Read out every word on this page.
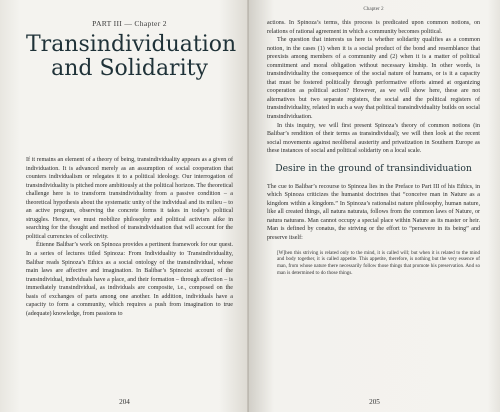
PART III — Chapter 2
Transindividuation
and Solidarity

If it remains an element of a theory of being, transindividuality appears as a given of individuation. It is advanced merely as an assumption of social cooperation that counters individualism or relegates it to a political ideology. Our interrogation of transindividuality is pitched more ambitiously at the political horizon. The theoretical challenge here is to transform transindividuality from a passive condition – a theoretical hypothesis about the systematic unity of the individual and its milieu – to an active program, observing the concrete forms it takes in today’s political struggles. Hence, we must mobilize philosophy and political activism alike in searching for the thought and method of transindividuation that will account for the political currencies of collectivity.

Étienne Balibar’s work on Spinoza provides a pertinent framework for our quest. In a series of lectures titled Spinoza: From Individuality to Transindividuality, Balibar reads Spinoza’s Ethics as a social ontology of the transindividual, whose main laws are affective and imagination. In Balibar’s Spinozist account of the transindividual, individuals have a place, and their formation – through affection – is immediately transindividual, as individuals are composite, i.e., composed on the basis of exchanges of parts among one another. In addition, individuals have a capacity to form a community, which requires a push from imagination to true (adequate) knowledge, from passions to

204
Chapter 2

actions. In Spinoza’s terms, this process is predicated upon common notions, on relations of rational agreement in which a community becomes political.

The question that interests us here is whether solidarity qualifies as a common notion, in the cases (1) when it is a social product of the bond and resemblance that preexists among members of a community and (2) when it is a matter of political commitment and moral obligation without necessary kinship. In other words, is transindividuality the consequence of the social nature of humans, or is it a capacity that must be fostered politically through performative efforts aimed at organizing cooperation as political action? However, as we will show here, these are not alternatives but two separate registers, the social and the political registers of transindividuality, related in such a way that political transindividuality builds on social transindividuation.

In this inquiry, we will first present Spinoza’s theory of common notions (in Balibar’s rendition of their terms as transindividual); we will then look at the recent social movements against neoliberal austerity and privatization in Southern Europe as these instances of social and political solidarity on a local scale.

Desire in the ground of transindividuation

The cue to Balibar’s recourse to Spinoza lies in the Preface to Part III of his Ethics, in which Spinoza criticizes the humanist doctrines that “conceive man in Nature as a kingdom within a kingdom.” In Spinoza’s rationalist nature philosophy, human nature, like all created things, all natura naturata, follows from the common laws of Nature, or natura naturans. Man cannot occupy a special place within Nature as its master or heir. Man is defined by conatus, the striving or the effort to “persevere in its being” and preserve itself:

[W]hen this striving is related only to the mind, it is called will; but when it is related to the mind and body together, it is called appetite. This appetite, therefore, is nothing but the very essence of man, from whose nature there necessarily follow those things that promote his preservation. And so man is determined to do those things.

205
